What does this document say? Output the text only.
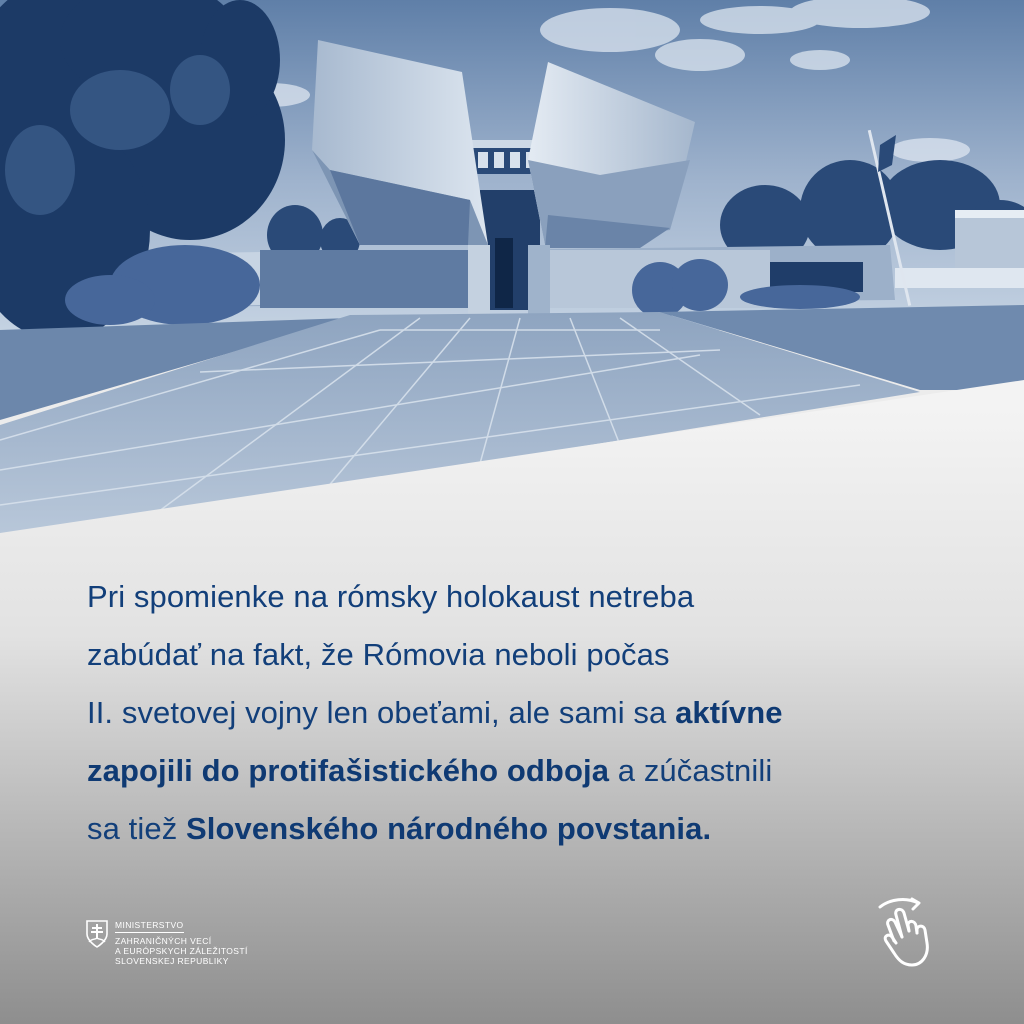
Pri spomienke na rómsky holokaust netreba
zabúdať na fakt, že Rómovia neboli počas
II. svetovej vojny len obeťami, ale sami sa aktívne
zapojili do protifašistického odboja a zúčastnili
sa tiež Slovenského národného povstania.

MINISTERSTVO
ZAHRANIČNÝCH VECÍ
A EURÓPSKYCH ZÁLEŽITOSTÍ
SLOVENSKEJ REPUBLIKY
